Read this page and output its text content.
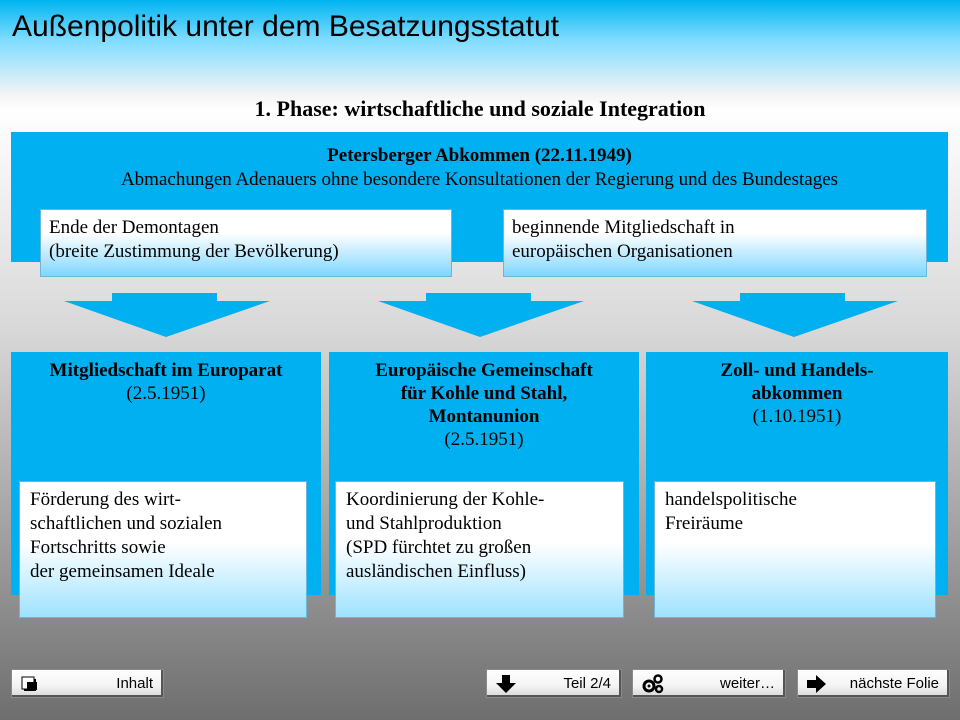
Außenpolitik unter dem Besatzungsstatut
1. Phase: wirtschaftliche und soziale Integration
Petersberger Abkommen (22.11.1949)
Abmachungen Adenauers ohne besondere Konsultationen der Regierung und des Bundestages
Ende der Demontagen
(breite Zustimmung der Bevölkerung)
beginnende Mitgliedschaft in
europäischen Organisationen
Mitgliedschaft im Europarat
(2.5.1951)
Europäische Gemeinschaft
für Kohle und Stahl,
Montanunion
(2.5.1951)
Zoll- und Handels-
abkommen
(1.10.1951)
Förderung des wirt-
schaftlichen und sozialen
Fortschritts sowie
der gemeinsamen Ideale
Koordinierung der Kohle-
und Stahlproduktion
(SPD fürchtet zu großen
ausländischen Einfluss)
handelspolitische
Freiräume
Inhalt	Teil 2/4	weiter…	nächste Folie
